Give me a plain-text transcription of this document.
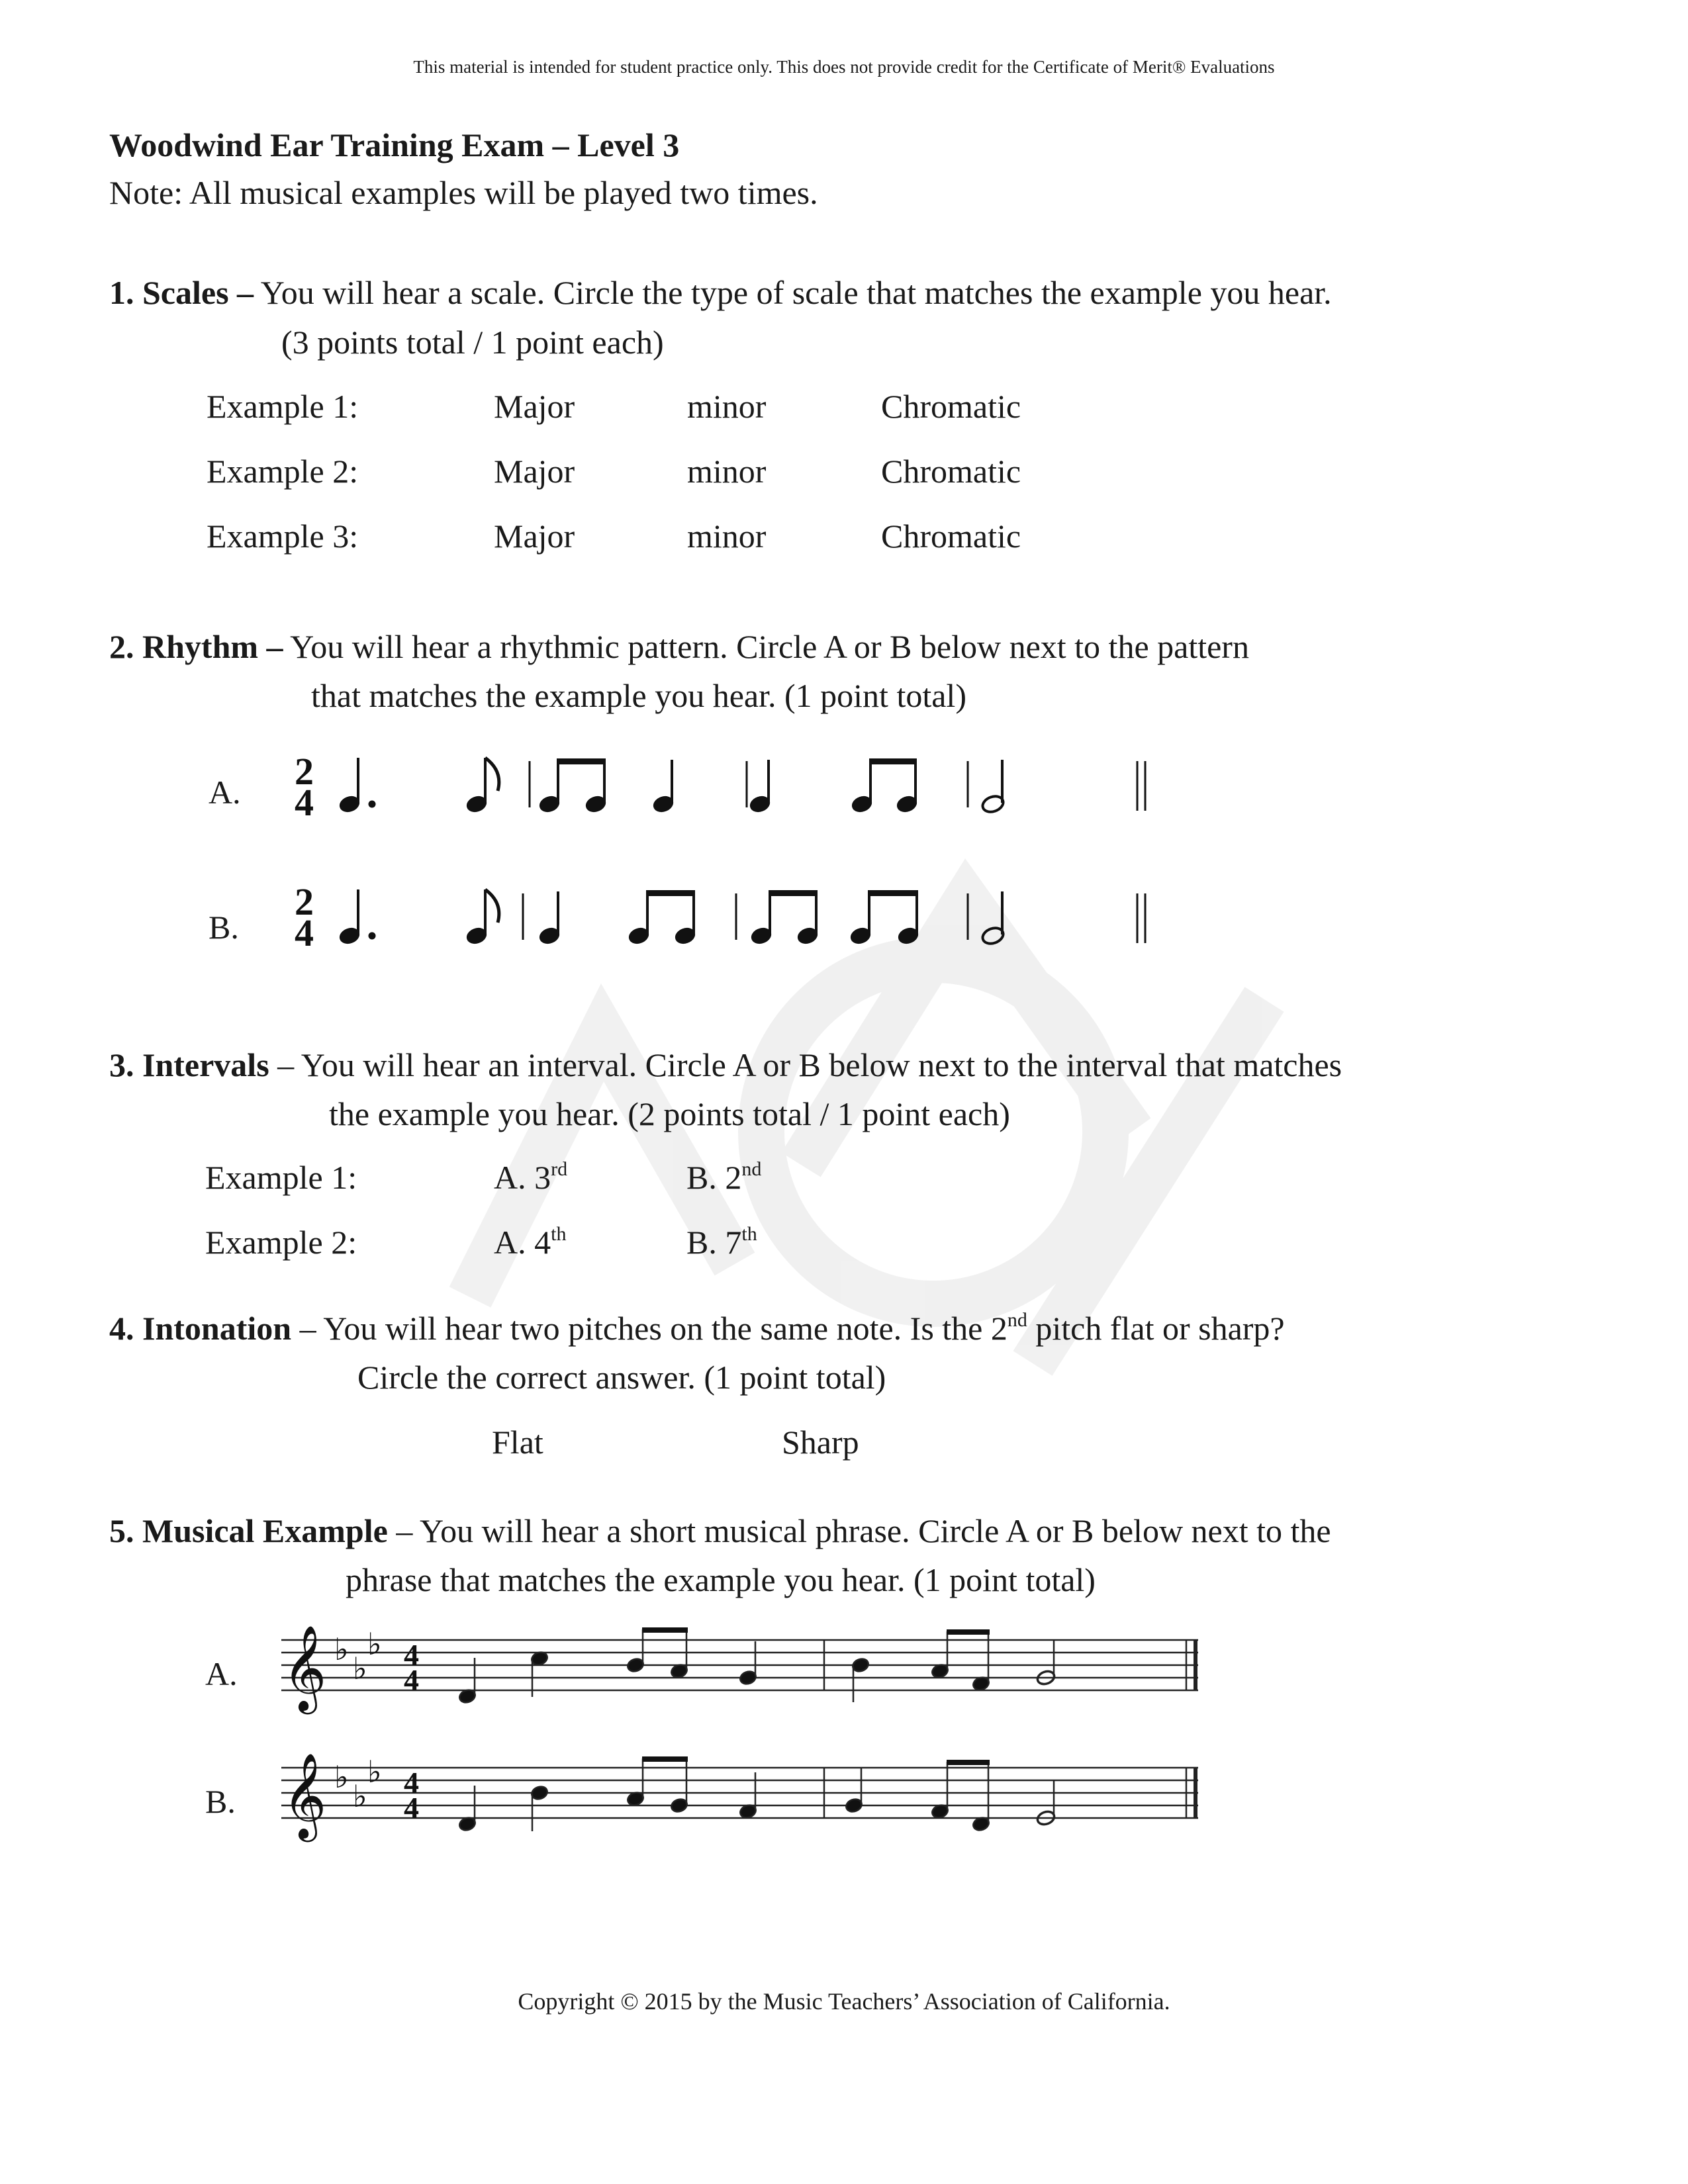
This material is intended for student practice only. This does not provide credit for the Certificate of Merit® Evaluations
Woodwind Ear Training Exam – Level 3
Note: All musical examples will be played two times.
1. Scales – You will hear a scale. Circle the type of scale that matches the example you hear.
(3 points total / 1 point each)
Example 1:	Major	minor	Chromatic
Example 2:	Major	minor	Chromatic
Example 3:	Major	minor	Chromatic
2. Rhythm – You will hear a rhythmic pattern. Circle A or B below next to the pattern
that matches the example you hear. (1 point total)
A.
B.
2
4
2
4
3. Intervals – You will hear an interval. Circle A or B below next to the interval that matches
the example you hear. (2 points total / 1 point each)
Example 1:	A. 3rd	B. 2nd
Example 2:	A. 4th	B. 7th
4. Intonation – You will hear two pitches on the same note. Is the 2nd pitch flat or sharp?
Circle the correct answer. (1 point total)
Flat	Sharp
5. Musical Example – You will hear a short musical phrase. Circle A or B below next to the
phrase that matches the example you hear. (1 point total)
A.
B.
𝄞 ♭
♭
♭ 4
4
𝄞 ♭
♭
♭ 4
4
Copyright © 2015 by the Music Teachers’ Association of California.
